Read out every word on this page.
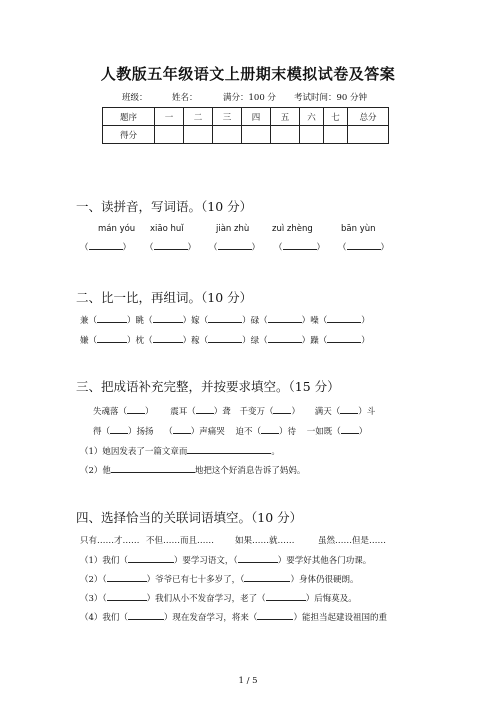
人教版五年级语文上册期末模拟试卷及答案
班级：	姓名：	满分：100 分 考试时间：90 分钟
题序	一	二	三	四	五	六	七	总分
得分								
一、读拼音，写词语。（10 分）
mán yóu xiāo huǐ	jiàn zhù	zuì zhèng	bān yùn
（	） （	） （	） （	） （	）
二、比一比，再组词。（10 分）
兼（	）眺（	）嫁（	）碌（	）噪（	）
嫌（	）枕（	）稼（	）绿（	）躁（	）
三、把成语补充完整，并按要求填空。（15 分）
失魂落（ ） 震耳（ ）聋 千变万（ ） 满天（ ）斗
得（ ）扬扬 （ ）声痛哭 迫不（ ）待 一如既（ ）
（1）她因发表了一篇文章而	。
（2）他	地把这个好消息告诉了妈妈。
四、选择恰当的关联词语填空。（10 分）
只有……才…… 不但……而且…… 如果……就……	虽然……但是……
（1）我们（	）要学习语文，（	）要学好其他各门功课。
（2）（	）爷爷已有七十多岁了，（	）身体仍很硬朗。
（3）（	）我们从小不发奋学习，老了（	）后悔莫及。
（4）我们（	）现在发奋学习，将来（	）能担当起建设祖国的重
1 / 5
